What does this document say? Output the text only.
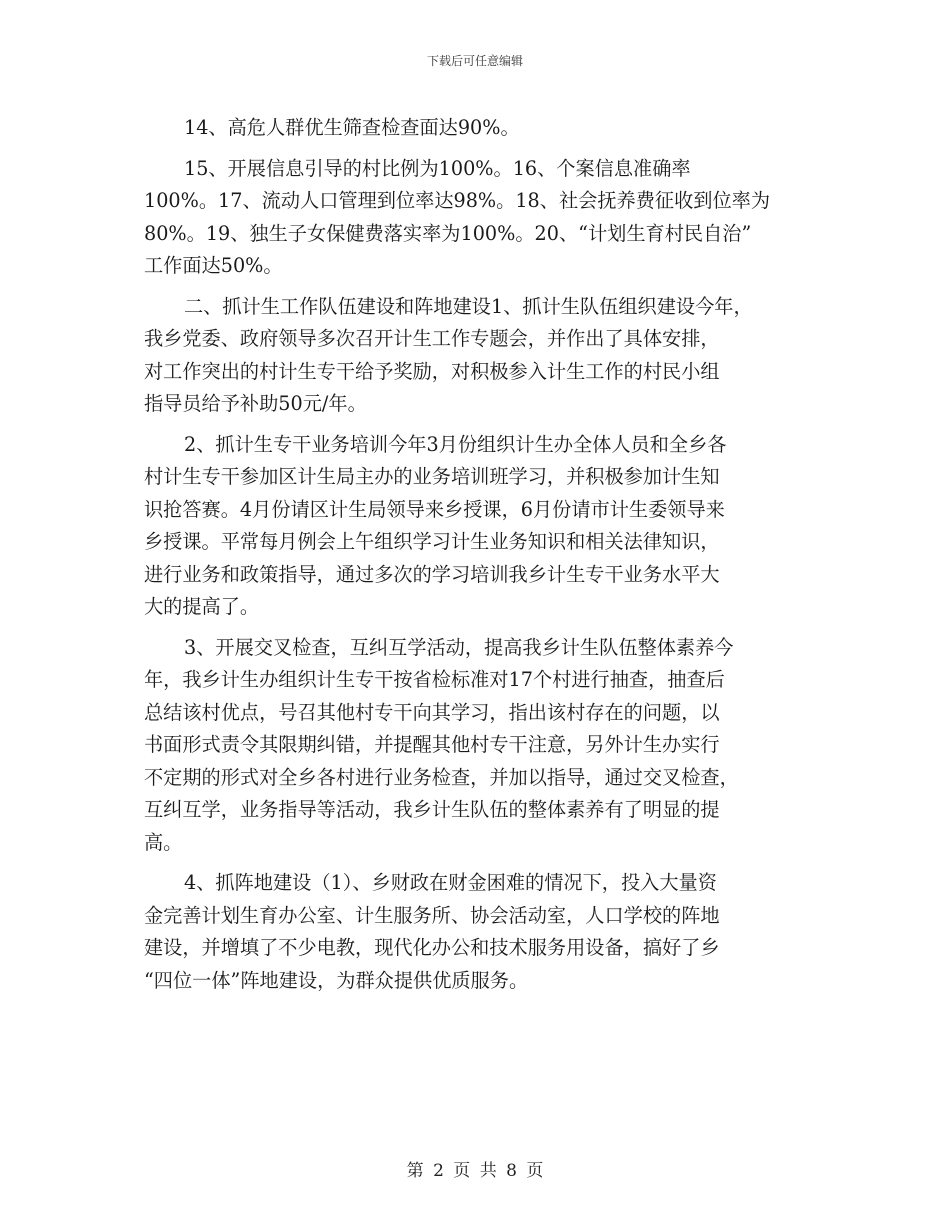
下载后可任意编辑
14、高危人群优生筛查检查面达90%。
15、开展信息引导的村比例为100%。16、个案信息准确率
100%。17、流动人口管理到位率达98%。18、社会抚养费征收到位率为
80%。19、独生子女保健费落实率为100%。20、“计划生育村民自治”
工作面达50%。
二、抓计生工作队伍建设和阵地建设1、抓计生队伍组织建设今年，
我乡党委、政府领导多次召开计生工作专题会，并作出了具体安排，
对工作突出的村计生专干给予奖励，对积极参入计生工作的村民小组
指导员给予补助50元/年。
2、抓计生专干业务培训今年3月份组织计生办全体人员和全乡各
村计生专干参加区计生局主办的业务培训班学习，并积极参加计生知
识抢答赛。4月份请区计生局领导来乡授课，6月份请市计生委领导来
乡授课。平常每月例会上午组织学习计生业务知识和相关法律知识，
进行业务和政策指导，通过多次的学习培训我乡计生专干业务水平大
大的提高了。
3、开展交叉检查，互纠互学活动，提高我乡计生队伍整体素养今
年，我乡计生办组织计生专干按省检标准对17个村进行抽查，抽查后
总结该村优点，号召其他村专干向其学习，指出该村存在的问题，以
书面形式责令其限期纠错，并提醒其他村专干注意，另外计生办实行
不定期的形式对全乡各村进行业务检查，并加以指导，通过交叉检查，
互纠互学，业务指导等活动，我乡计生队伍的整体素养有了明显的提
高。
4、抓阵地建设（1）、乡财政在财金困难的情况下，投入大量资
金完善计划生育办公室、计生服务所、协会活动室，人口学校的阵地
建设，并增填了不少电教，现代化办公和技术服务用设备，搞好了乡
“四位一体”阵地建设，为群众提供优质服务。
第 2 页 共 8 页
